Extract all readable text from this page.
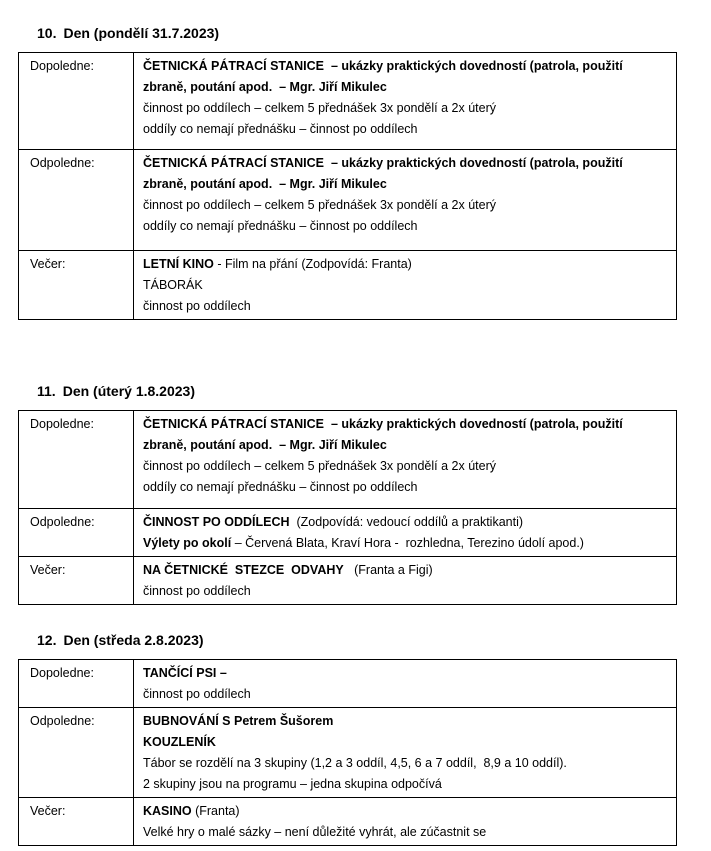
10. Den (pondělí 31.7.2023)
Dopoledne:	ČETNICKÁ PÁTRACÍ STANICE  – ukázky praktických dovedností (patrola, použití
zbraně, poutání apod.  – Mgr. Jiří Mikulec
činnost po oddílech – celkem 5 přednášek 3x pondělí a 2x úterý
oddíly co nemají přednášku – činnost po oddílech

Odpoledne:	ČETNICKÁ PÁTRACÍ STANICE  – ukázky praktických dovedností (patrola, použití
zbraně, poutání apod.  – Mgr. Jiří Mikulec
činnost po oddílech – celkem 5 přednášek 3x pondělí a 2x úterý
oddíly co nemají přednášku – činnost po oddílech

Večer:	LETNÍ KINO - Film na přání (Zodpovídá: Franta)
TÁBORÁK
činnost po oddílech
11. Den (úterý 1.8.2023)
Dopoledne:	ČETNICKÁ PÁTRACÍ STANICE  – ukázky praktických dovedností (patrola, použití
zbraně, poutání apod.  – Mgr. Jiří Mikulec
činnost po oddílech – celkem 5 přednášek 3x pondělí a 2x úterý
oddíly co nemají přednášku – činnost po oddílech

Odpoledne:	ČINNOST PO ODDÍLECH  (Zodpovídá: vedoucí oddílů a praktikanti)
Výlety po okolí – Červená Blata, Kraví Hora -  rozhledna, Terezino údolí apod.)

Večer:	NA ČETNICKÉ  STEZCE  ODVAHY   (Franta a Figi)
činnost po oddílech
12. Den (středa 2.8.2023)
Dopoledne:	TANČÍCÍ PSI –
činnost po oddílech

Odpoledne:	BUBNOVÁNÍ S Petrem Šušorem
KOUZLENÍK
Tábor se rozdělí na 3 skupiny (1,2 a 3 oddíl, 4,5, 6 a 7 oddíl,  8,9 a 10 oddíl).
2 skupiny jsou na programu – jedna skupina odpočívá

Večer:	KASINO (Franta)
Velké hry o malé sázky – není důležité vyhrát, ale zúčastnit se
